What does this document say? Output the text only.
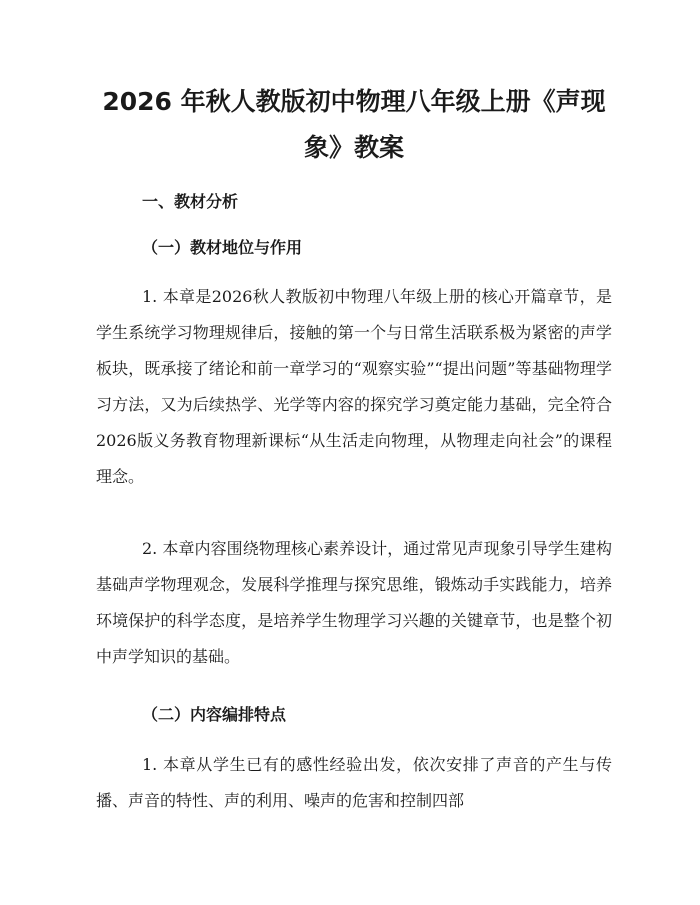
2026 年秋人教版初中物理八年级上册《声现
象》教案
一、教材分析
（一）教材地位与作用

1. 本章是2026秋人教版初中物理八年级上册的核心开篇章节，是学生系统学习物理规律后，接触的第一个与日常生活联系极为紧密的声学板块，既承接了绪论和前一章学习的“观察实验”“提出问题”等基础物理学习方法，又为后续热学、光学等内容的探究学习奠定能力基础，完全符合2026版义务教育物理新课标“从生活走向物理，从物理走向社会”的课程理念。

2. 本章内容围绕物理核心素养设计，通过常见声现象引导学生建构基础声学物理观念，发展科学推理与探究思维，锻炼动手实践能力，培养环境保护的科学态度，是培养学生物理学习兴趣的关键章节，也是整个初中声学知识的基础。

（二）内容编排特点

1. 本章从学生已有的感性经验出发，依次安排了声音的产生与传播、声音的特性、声的利用、噪声的危害和控制四部
